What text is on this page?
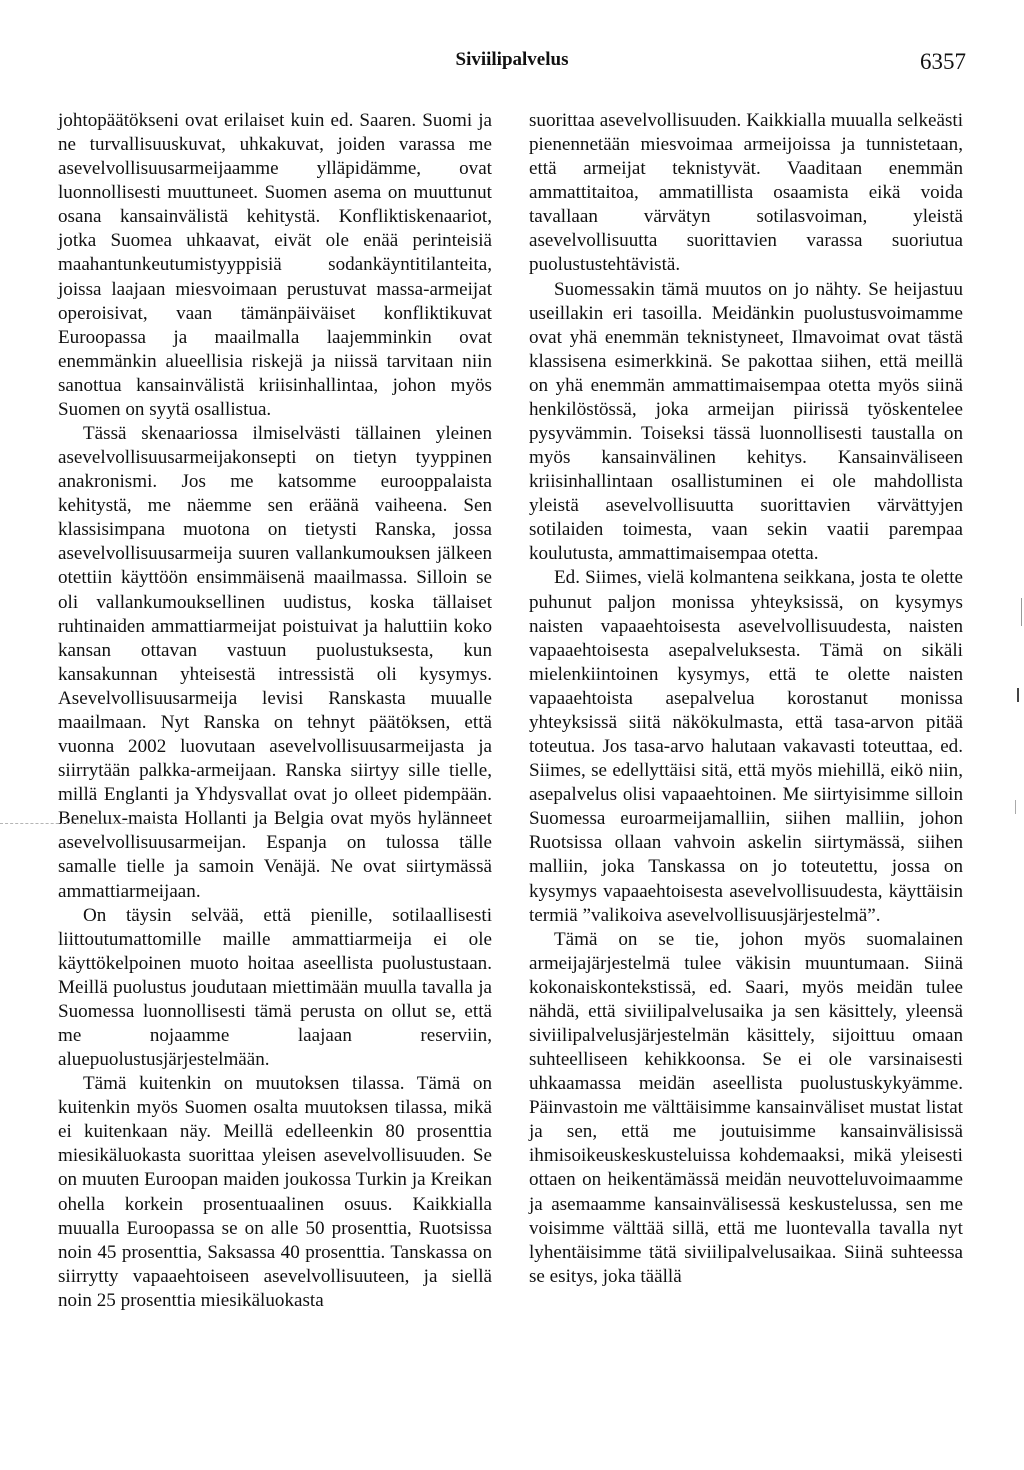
Siviilipalvelus	6357

johtopäätökseni ovat erilaiset kuin ed. Saaren. Suomi ja ne turvallisuuskuvat, uhkakuvat, joiden varassa me asevelvollisuusarmeijaamme ylläpidämme, ovat luonnollisesti muuttuneet. Suomen asema on muuttunut osana kansainvälistä kehitystä. Konfliktiskenaariot, jotka Suomea uhkaavat, eivät ole enää perinteisiä maahantunkeutumistyyppisiä sodankäyntitilanteita, joissa laajaan miesvoimaan perustuvat massa-armeijat operoisivat, vaan tämänpäiväiset konfliktikuvat Euroopassa ja maailmalla laajemminkin ovat enemmänkin alueellisia riskejä ja niissä tarvitaan niin sanottua kansainvälistä kriisinhallintaa, johon myös Suomen on syytä osallistua.

Tässä skenaariossa ilmiselvästi tällainen yleinen asevelvollisuusarmeijakonsepti on tietyn tyyppinen anakronismi. Jos me katsomme eurooppalaista kehitystä, me näemme sen eräänä vaiheena. Sen klassisimpana muotona on tietysti Ranska, jossa asevelvollisuusarmeija suuren vallankumouksen jälkeen otettiin käyttöön ensimmäisenä maailmassa. Silloin se oli vallankumouksellinen uudistus, koska tällaiset ruhtinaiden ammattiarmeijat poistuivat ja haluttiin koko kansan ottavan vastuun puolustuksesta, kun kansakunnan yhteisestä intressistä oli kysymys. Asevelvollisuusarmeija levisi Ranskasta muualle maailmaan. Nyt Ranska on tehnyt päätöksen, että vuonna 2002 luovutaan asevelvollisuusarmeijasta ja siirrytään palkka-armeijaan. Ranska siirtyy sille tielle, millä Englanti ja Yhdysvallat ovat jo olleet pidempään. Benelux-maista Hollanti ja Belgia ovat myös hylänneet asevelvollisuusarmeijan. Espanja on tulossa tälle samalle tielle ja samoin Venäjä. Ne ovat siirtymässä ammattiarmeijaan.

On täysin selvää, että pienille, sotilaallisesti liittoutumattomille maille ammattiarmeija ei ole käyttökelpoinen muoto hoitaa aseellista puolustustaan. Meillä puolustus joudutaan miettimään muulla tavalla ja Suomessa luonnollisesti tämä perusta on ollut se, että me nojaamme laajaan reserviin, aluepuolustusjärjestelmään.

Tämä kuitenkin on muutoksen tilassa. Tämä on kuitenkin myös Suomen osalta muutoksen tilassa, mikä ei kuitenkaan näy. Meillä edelleenkin 80 prosenttia miesikäluokasta suorittaa yleisen asevelvollisuuden. Se on muuten Euroopan maiden joukossa Turkin ja Kreikan ohella korkein prosentuaalinen osuus. Kaikkialla muualla Euroopassa se on alle 50 prosenttia, Ruotsissa noin 45 prosenttia, Saksassa 40 prosenttia. Tanskassa on siirrytty vapaaehtoiseen asevelvollisuuteen, ja siellä noin 25 prosenttia miesikäluokasta

suorittaa asevelvollisuuden. Kaikkialla muualla selkeästi pienennetään miesvoimaa armeijoissa ja tunnistetaan, että armeijat teknistyvät. Vaaditaan enemmän ammattitaitoa, ammatillista osaamista eikä voida tavallaan värvätyn sotilasvoiman, yleistä asevelvollisuutta suorittavien varassa suoriutua puolustustehtävistä.

Suomessakin tämä muutos on jo nähty. Se heijastuu useillakin eri tasoilla. Meidänkin puolustusvoimamme ovat yhä enemmän teknistyneet, Ilmavoimat ovat tästä klassisena esimerkkinä. Se pakottaa siihen, että meillä on yhä enemmän ammattimaisempaa otetta myös siinä henkilöstössä, joka armeijan piirissä työskentelee pysyvämmin. Toiseksi tässä luonnollisesti taustalla on myös kansainvälinen kehitys. Kansainväliseen kriisinhallintaan osallistuminen ei ole mahdollista yleistä asevelvollisuutta suorittavien värvättyjen sotilaiden toimesta, vaan sekin vaatii parempaa koulutusta, ammattimaisempaa otetta.

Ed. Siimes, vielä kolmantena seikkana, josta te olette puhunut paljon monissa yhteyksissä, on kysymys naisten vapaaehtoisesta asevelvollisuudesta, naisten vapaaehtoisesta asepalveluksesta. Tämä on sikäli mielenkiintoinen kysymys, että te olette naisten vapaaehtoista asepalvelua korostanut monissa yhteyksissä siitä näkökulmasta, että tasa-arvon pitää toteutua. Jos tasa-arvo halutaan vakavasti toteuttaa, ed. Siimes, se edellyttäisi sitä, että myös miehillä, eikö niin, asepalvelus olisi vapaaehtoinen. Me siirtyisimme silloin Suomessa euroarmeijamalliin, siihen malliin, johon Ruotsissa ollaan vahvoin askelin siirtymässä, siihen malliin, joka Tanskassa on jo toteutettu, jossa on kysymys vapaaehtoisesta asevelvollisuudesta, käyttäisin termiä ”valikoiva asevelvollisuusjärjestelmä”.

Tämä on se tie, johon myös suomalainen armeijajärjestelmä tulee väkisin muuntumaan. Siinä kokonaiskontekstissä, ed. Saari, myös meidän tulee nähdä, että siviilipalvelusaika ja sen käsittely, yleensä siviilipalvelusjärjestelmän käsittely, sijoittuu omaan suhteelliseen kehikkoonsa. Se ei ole varsinaisesti uhkaamassa meidän aseellista puolustuskykyämme. Päinvastoin me välttäisimme kansainväliset mustat listat ja sen, että me joutuisimme kansainvälisissä ihmisoikeuskeskusteluissa kohdemaaksi, mikä yleisesti ottaen on heikentämässä meidän neuvotteluvoimaamme ja asemaamme kansainvälisessä keskustelussa, sen me voisimme välttää sillä, että me luontevalla tavalla nyt lyhentäisimme tätä siviilipalvelusaikaa. Siinä suhteessa se esitys, joka täällä
